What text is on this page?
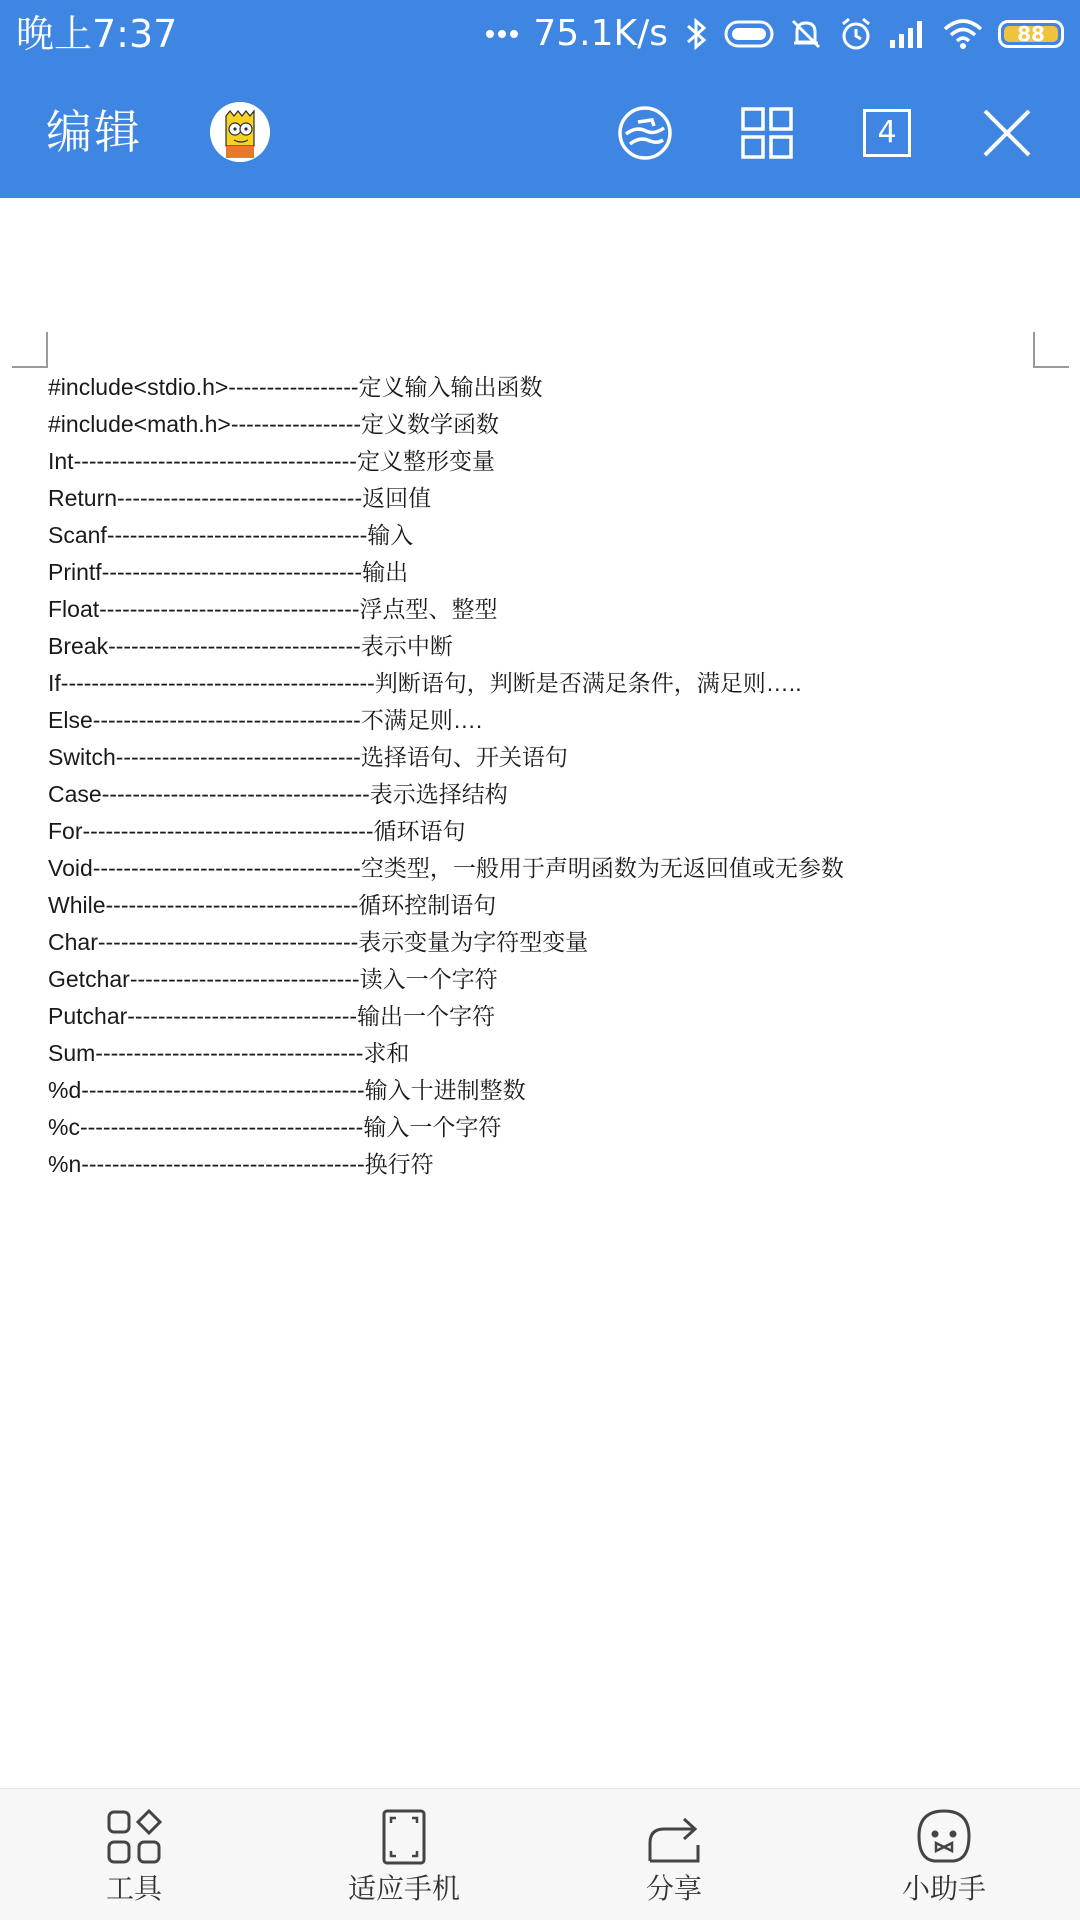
晚上7:37	75.1K/s	88
编辑	4
#include<stdio.h>-----------------定义输入输出函数
#include<math.h>-----------------定义数学函数
Int-------------------------------------定义整形变量
Return--------------------------------返回值
Scanf----------------------------------输入
Printf----------------------------------输出
Float----------------------------------浮点型、整型
Break---------------------------------表示中断
If-----------------------------------------判断语句，判断是否满足条件，满足则…..
Else-----------------------------------不满足则….
Switch--------------------------------选择语句、开关语句
Case-----------------------------------表示选择结构
For--------------------------------------循环语句
Void-----------------------------------空类型，一般用于声明函数为无返回值或无参数
While---------------------------------循环控制语句
Char----------------------------------表示变量为字符型变量
Getchar------------------------------读入一个字符
Putchar------------------------------输出一个字符
Sum-----------------------------------求和
%d-------------------------------------输入十进制整数
%c-------------------------------------输入一个字符
%n-------------------------------------换行符
工具	适应手机	分享	小助手
